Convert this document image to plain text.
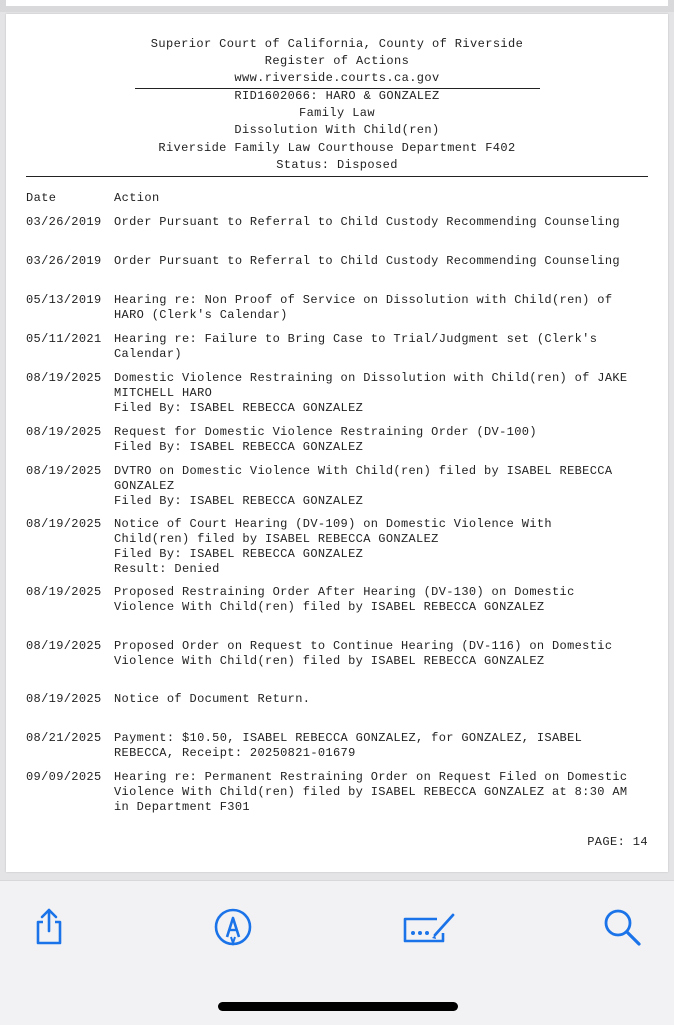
Superior Court of California, County of Riverside
Register of Actions
www.riverside.courts.ca.gov
RID1602066: HARO & GONZALEZ
Family Law
Dissolution With Child(ren)
Riverside Family Law Courthouse Department F402
Status: Disposed
Date	Action
03/26/2019 Order Pursuant to Referral to Child Custody Recommending Counseling
03/26/2019 Order Pursuant to Referral to Child Custody Recommending Counseling
05/13/2019 Hearing re: Non Proof of Service on Dissolution with Child(ren) of
HARO (Clerk's Calendar)
05/11/2021 Hearing re: Failure to Bring Case to Trial/Judgment set (Clerk's
Calendar)
08/19/2025 Domestic Violence Restraining on Dissolution with Child(ren) of JAKE
MITCHELL HARO
Filed By: ISABEL REBECCA GONZALEZ
08/19/2025 Request for Domestic Violence Restraining Order (DV-100)
Filed By: ISABEL REBECCA GONZALEZ
08/19/2025 DVTRO on Domestic Violence With Child(ren) filed by ISABEL REBECCA
GONZALEZ
Filed By: ISABEL REBECCA GONZALEZ
08/19/2025 Notice of Court Hearing (DV-109) on Domestic Violence With
Child(ren) filed by ISABEL REBECCA GONZALEZ
Filed By: ISABEL REBECCA GONZALEZ
Result: Denied
08/19/2025 Proposed Restraining Order After Hearing (DV-130) on Domestic
Violence With Child(ren) filed by ISABEL REBECCA GONZALEZ
08/19/2025 Proposed Order on Request to Continue Hearing (DV-116) on Domestic
Violence With Child(ren) filed by ISABEL REBECCA GONZALEZ
08/19/2025 Notice of Document Return.
08/21/2025 Payment: $10.50, ISABEL REBECCA GONZALEZ, for GONZALEZ, ISABEL
REBECCA, Receipt: 20250821-01679
09/09/2025 Hearing re: Permanent Restraining Order on Request Filed on Domestic
Violence With Child(ren) filed by ISABEL REBECCA GONZALEZ at 8:30 AM
in Department F301
PAGE: 14
